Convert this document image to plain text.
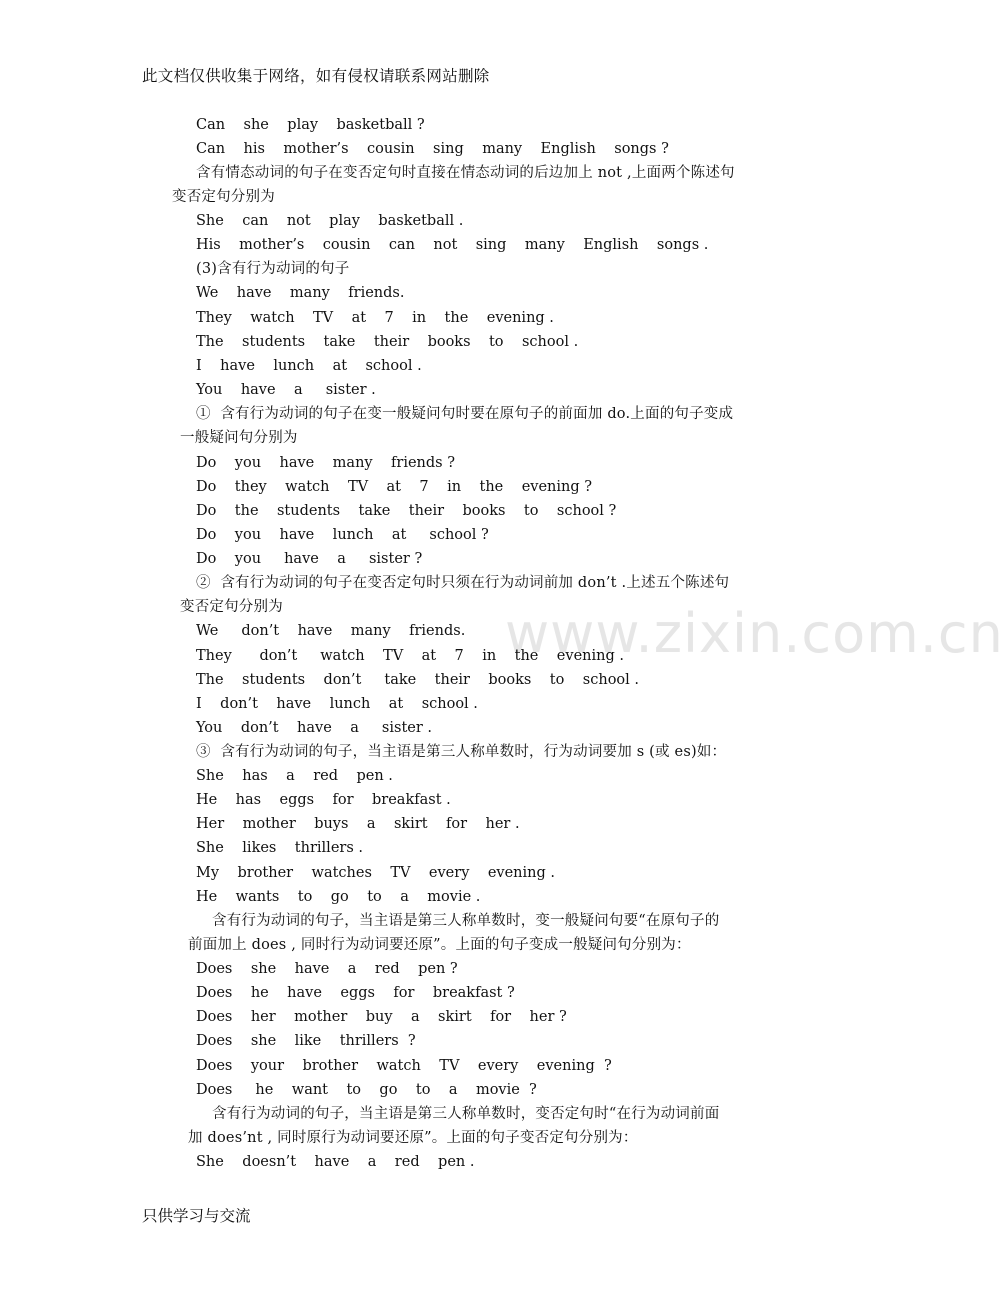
此文档仅供收集于网络，如有侵权请联系网站删除
www.zixin.com.cn
Can    she    play    basketball ?
Can    his    mother’s    cousin    sing    many    English    songs ?
含有情态动词的句子在变否定句时直接在情态动词的后边加上 not ,上面两个陈述句
变否定句分别为
She    can    not    play    basketball .
His    mother’s    cousin    can    not    sing    many    English    songs .
(3)含有行为动词的句子
We    have    many    friends.
They    watch    TV    at    7    in    the    evening .
The    students    take    their    books    to    school .
I    have    lunch    at    school .
You    have    a     sister .
①  含有行为动词的句子在变一般疑问句时要在原句子的前面加 do.上面的句子变成
一般疑问句分别为
Do    you    have    many    friends ?
Do    they    watch    TV    at    7    in    the    evening ?
Do    the    students    take    their    books    to    school ?
Do    you    have    lunch    at     school ?
Do    you     have    a     sister ?
②  含有行为动词的句子在变否定句时只须在行为动词前加 don’t .上述五个陈述句
变否定句分别为
We     don’t    have    many    friends.
They      don’t     watch    TV    at    7    in    the    evening .
The    students    don’t     take    their    books    to    school .
I    don’t    have    lunch    at    school .
You    don’t    have    a     sister .
③  含有行为动词的句子，当主语是第三人称单数时，行为动词要加 s (或 es)如：
She    has    a    red    pen .
He    has    eggs    for    breakfast .
Her    mother    buys    a    skirt    for    her .
She    likes    thrillers .
My    brother    watches    TV    every    evening .
He    wants    to    go    to    a    movie .
含有行为动词的句子，当主语是第三人称单数时，变一般疑问句要“在原句子的
前面加上 does , 同时行为动词要还原”。上面的句子变成一般疑问句分别为：
Does    she    have    a    red    pen ?
Does    he    have    eggs    for    breakfast ?
Does    her    mother    buy    a    skirt    for    her ?
Does    she    like    thrillers  ?
Does    your    brother    watch    TV    every    evening  ?
Does     he    want    to    go    to    a    movie  ?
含有行为动词的句子，当主语是第三人称单数时，变否定句时“在行为动词前面
加 does’nt , 同时原行为动词要还原”。上面的句子变否定句分别为：
She    doesn’t    have    a    red    pen .
只供学习与交流
